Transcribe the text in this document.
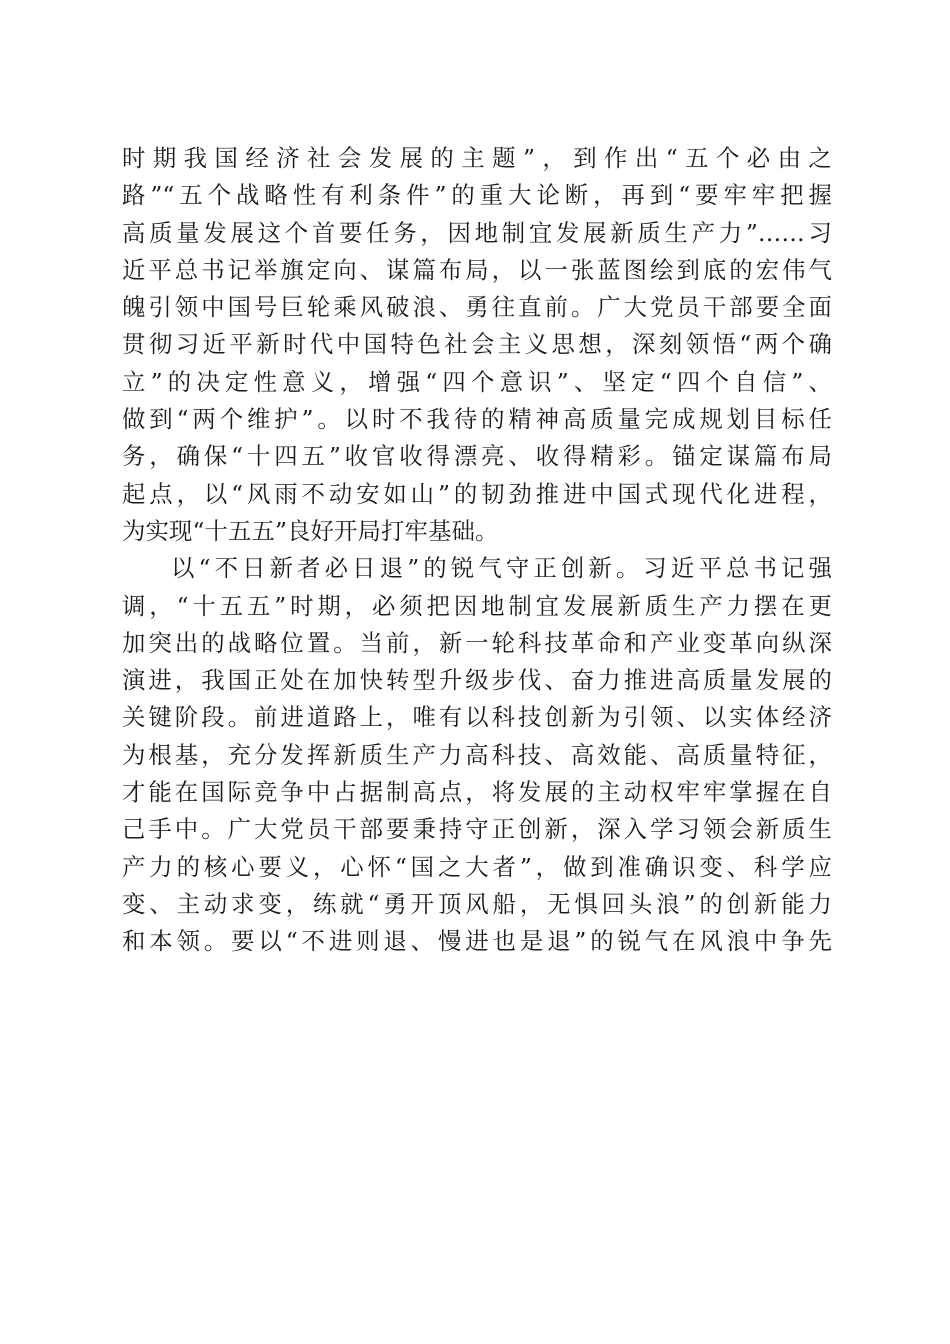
时期我国经济社会发展的主题”，到作出“五个必由之
路”“五个战略性有利条件”的重大论断，再到“要牢牢把握
高质量发展这个首要任务，因地制宜发展新质生产力”……习
近平总书记举旗定向、谋篇布局，以一张蓝图绘到底的宏伟气
魄引领中国号巨轮乘风破浪、勇往直前。广大党员干部要全面
贯彻习近平新时代中国特色社会主义思想，深刻领悟“两个确
立”的决定性意义，增强“四个意识”、坚定“四个自信”、
做到“两个维护”。以时不我待的精神高质量完成规划目标任
务，确保“十四五”收官收得漂亮、收得精彩。锚定谋篇布局
起点，以“风雨不动安如山”的韧劲推进中国式现代化进程，
为实现“十五五”良好开局打牢基础。
以“不日新者必日退”的锐气守正创新。习近平总书记强
调，“十五五”时期，必须把因地制宜发展新质生产力摆在更
加突出的战略位置。当前，新一轮科技革命和产业变革向纵深
演进，我国正处在加快转型升级步伐、奋力推进高质量发展的
关键阶段。前进道路上，唯有以科技创新为引领、以实体经济
为根基，充分发挥新质生产力高科技、高效能、高质量特征，
才能在国际竞争中占据制高点，将发展的主动权牢牢掌握在自
己手中。广大党员干部要秉持守正创新，深入学习领会新质生
产力的核心要义，心怀“国之大者”，做到准确识变、科学应
变、主动求变，练就“勇开顶风船，无惧回头浪”的创新能力
和本领。要以“不进则退、慢进也是退”的锐气在风浪中争先
